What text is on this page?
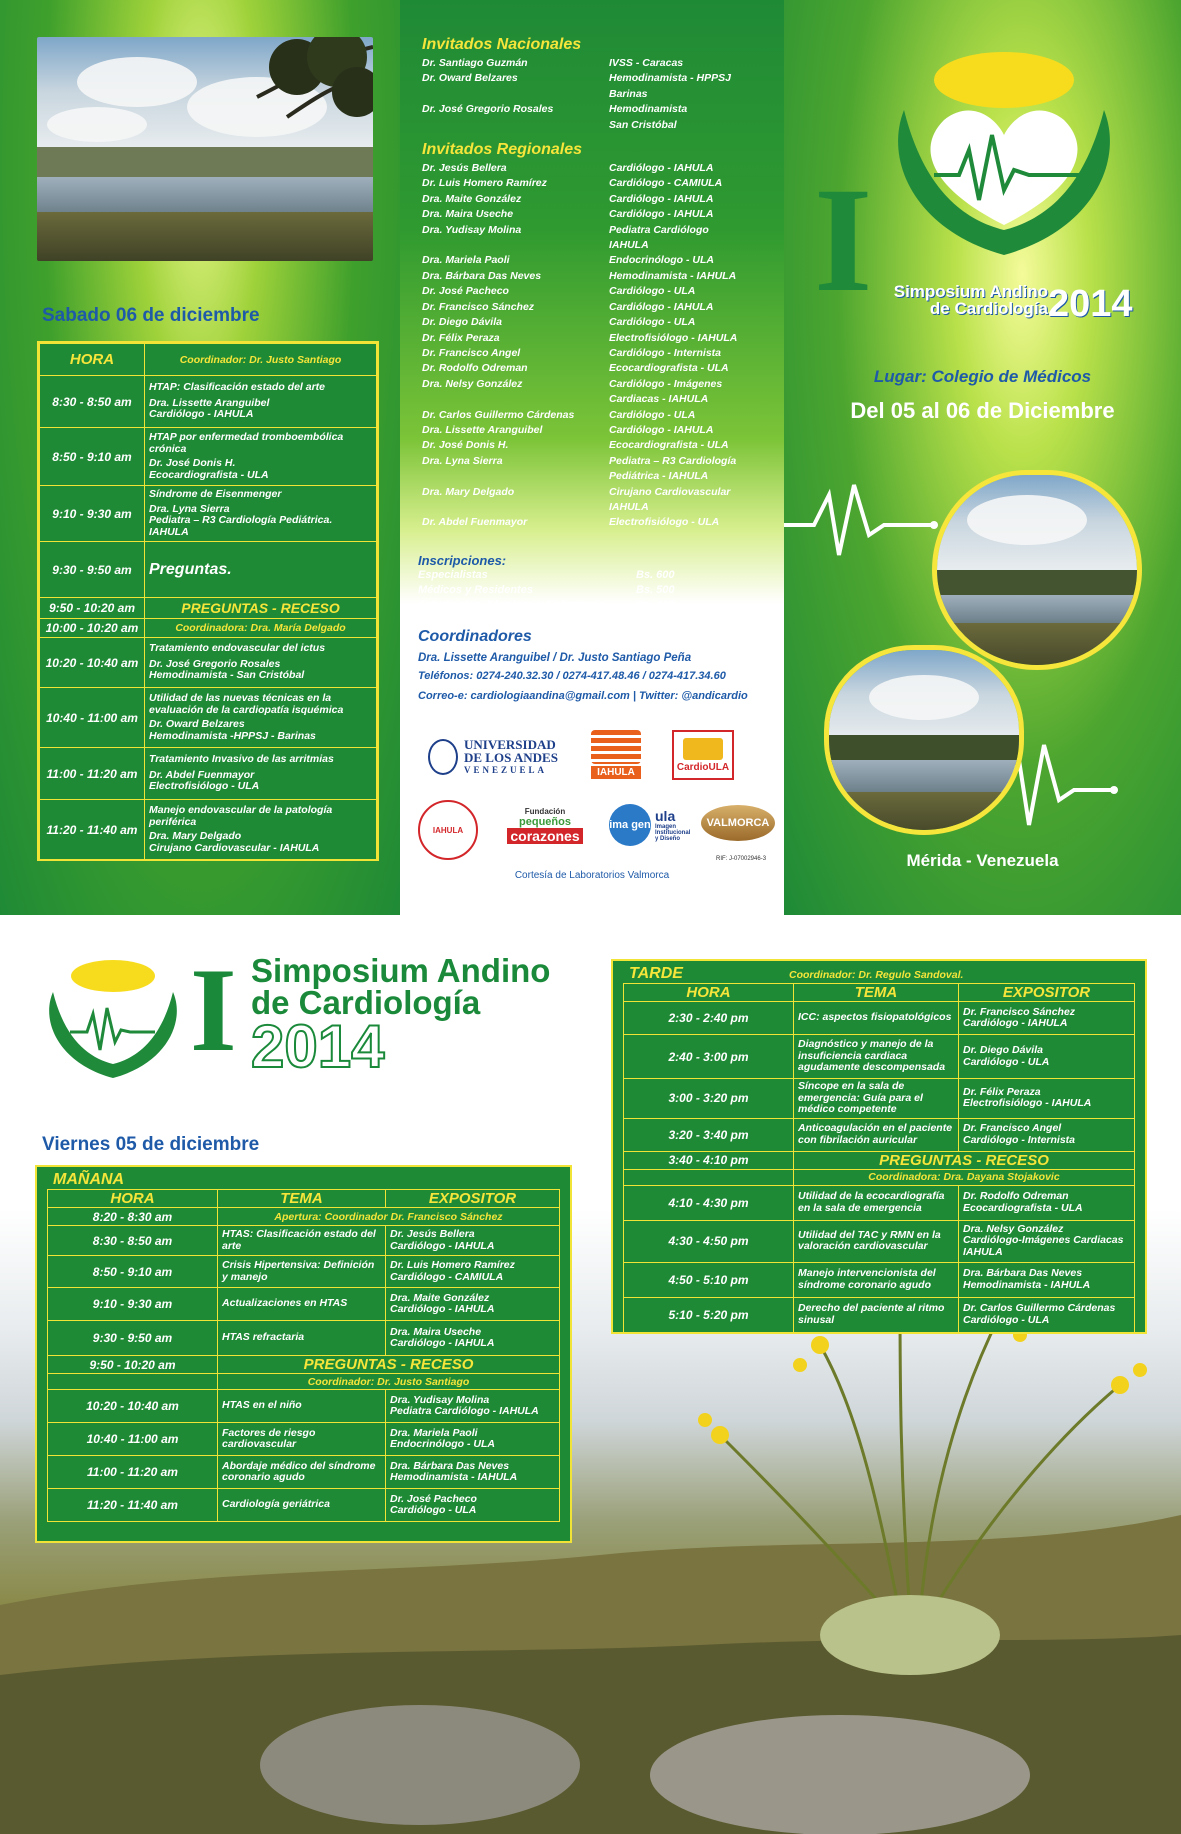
Sabado 06 de diciembre
HORA	Coordinador: Dr. Justo Santiago

8:30 - 8:50 am	HTAP: Clasificación estado del arte
Dra. Lissette Aranguibel
Cardiólogo - IAHULA

8:50 - 9:10 am	HTAP por enfermedad tromboembólica crónica
Dr. José Donis H.
Ecocardiografista - ULA

9:10 - 9:30 am	Síndrome de Eisenmenger
Dra. Lyna Sierra
Pediatra – R3 Cardiología Pediátrica. IAHULA

9:30 - 9:50 am	Preguntas.

9:50 - 10:20 am	PREGUNTAS - RECESO
10:00 - 10:20 am	Coordinadora: Dra. María Delgado
10:20 - 10:40 am	Tratamiento endovascular del ictus
Dr. José Gregorio Rosales
Hemodinamista - San Cristóbal

10:40 - 11:00 am	Utilidad de las nuevas técnicas en la evaluación de la cardiopatía isquémica
Dr. Oward Belzares
Hemodinamista -HPPSJ - Barinas

11:00 - 11:20 am	Tratamiento Invasivo de las arritmias
Dr. Abdel Fuenmayor
Electrofisiólogo - ULA

11:20 - 11:40 am	Manejo endovascular de la patología periférica
Dra. Mary Delgado
Cirujano Cardiovascular - IAHULA
Invitados Nacionales
Dr. Santiago Guzmán	IVSS - Caracas
Dr. Oward Belzares	Hemodinamista - HPPSJ
Barinas
Dr. José Gregorio Rosales	Hemodinamista
San Cristóbal
Invitados Regionales
Dr. Jesús Bellera	Cardiólogo - IAHULA
Dr. Luis Homero Ramírez	Cardiólogo - CAMIULA
Dra. Maite González	Cardiólogo - IAHULA
Dra. Maira Useche	Cardiólogo - IAHULA
Dra. Yudisay Molina	Pediatra Cardiólogo
IAHULA
Dra. Mariela Paoli	Endocrinólogo - ULA
Dra. Bárbara Das Neves	Hemodinamista - IAHULA
Dr. José Pacheco	Cardiólogo - ULA
Dr. Francisco Sánchez	Cardiólogo - IAHULA
Dr. Diego Dávila	Cardiólogo - ULA
Dr. Félix Peraza	Electrofisiólogo - IAHULA
Dr. Francisco Angel	Cardiólogo - Internista
Dr. Rodolfo Odreman	Ecocardiografista - ULA
Dra. Nelsy González	Cardiólogo - Imágenes
Cardiacas - IAHULA
Dr. Carlos Guillermo Cárdenas	Cardiólogo - ULA
Dra. Lissette Aranguibel	Cardiólogo - IAHULA
Dr. José Donis H.	Ecocardiografista - ULA
Dra. Lyna Sierra	Pediatra – R3 Cardiología
Pediátrica - IAHULA
Dra. Mary Delgado	Cirujano Cardiovascular
IAHULA
Dr. Abdel Fuenmayor	Electrofisiólogo - ULA
Inscripciones:
Especialistas	Bs. 600
Médicos y Residentes	Bs. 500
Estudiantes, Técnicos y Enfermería	Bs. 400
Coordinadores
Dra. Lissette Aranguibel / Dr. Justo Santiago Peña
Teléfonos: 0274-240.32.30 / 0274-417.48.46 / 0274-417.34.60
Correo-e: cardiologiaandina@gmail.com | Twitter: @andicardio
UNIVERSIDAD
DE LOS ANDES
VENEZUELA	IAHULA	CardioULA
IAHULA
Fundación
pequeños
corazones
ima gen
ula
Imagen Institucional y Diseño
VALMORCA
RIF: J-07002946-3
Cortesía de Laboratorios Valmorca
I	Simposium Andino
de Cardiología 2014
Lugar: Colegio de Médicos
Del 05 al 06 de Diciembre
Mérida - Venezuela
I Simposium Andino
de Cardiología
2014
Viernes 05 de diciembre
MAÑANA
HORA	TEMA	EXPOSITOR
8:20 - 8:30 am	Apertura: Coordinador Dr. Francisco Sánchez	
8:30 - 8:50 am	HTAS: Clasificación estado del arte	Dr. Jesús Bellera
Cardiólogo - IAHULA

8:50 - 9:10 am	Crisis Hipertensiva: Definición y manejo	Dr. Luis Homero Ramírez
Cardiólogo - CAMIULA

9:10 - 9:30 am	Actualizaciones en HTAS	Dra. Maite González
Cardiólogo - IAHULA

9:30 - 9:50 am	HTAS refractaria	Dra. Maira Useche
Cardiólogo - IAHULA

9:50 - 10:20 am	PREGUNTAS - RECESO	
	Coordinador: Dr. Justo Santiago	
10:20 - 10:40 am	HTAS en el niño	Dra. Yudisay Molina
Pediatra Cardiólogo - IAHULA

10:40 - 11:00 am	Factores de riesgo cardiovascular	Dra. Mariela Paoli
Endocrinólogo - ULA

11:00 - 11:20 am	Abordaje médico del síndrome coronario agudo	Dra. Bárbara Das Neves
Hemodinamista - IAHULA

11:20 - 11:40 am	Cardiología geriátrica	Dr. José Pacheco
Cardiólogo - ULA
TARDE	Coordinador: Dr. Regulo Sandoval.
HORA	TEMA	EXPOSITOR
2:30 - 2:40 pm	ICC: aspectos fisiopatológicos	Dr. Francisco Sánchez
Cardiólogo - IAHULA

2:40 - 3:00 pm	Diagnóstico y manejo de la insuficiencia cardiaca agudamente descompensada	Dr. Diego Dávila
Cardiólogo - ULA

3:00 - 3:20 pm	Síncope en la sala de emergencia: Guía para el médico competente	Dr. Félix Peraza
Electrofisiólogo - IAHULA

3:20 - 3:40 pm	Anticoagulación en el paciente con fibrilación auricular	Dr. Francisco Angel
Cardiólogo - Internista

3:40 - 4:10 pm	PREGUNTAS - RECESO	
	Coordinadora: Dra. Dayana Stojakovic	
4:10 - 4:30 pm	Utilidad de la ecocardiografía en la sala de emergencia	Dr. Rodolfo Odreman
Ecocardiografista - ULA

4:30 - 4:50 pm	Utilidad del TAC y RMN en la valoración cardiovascular	Dra. Nelsy González
Cardiólogo-Imágenes Cardiacas IAHULA

4:50 - 5:10 pm	Manejo intervencionista del síndrome coronario agudo	Dra. Bárbara Das Neves
Hemodinamista - IAHULA

5:10 - 5:20 pm	Derecho del paciente al ritmo sinusal	Dr. Carlos Guillermo Cárdenas
Cardiólogo - ULA
